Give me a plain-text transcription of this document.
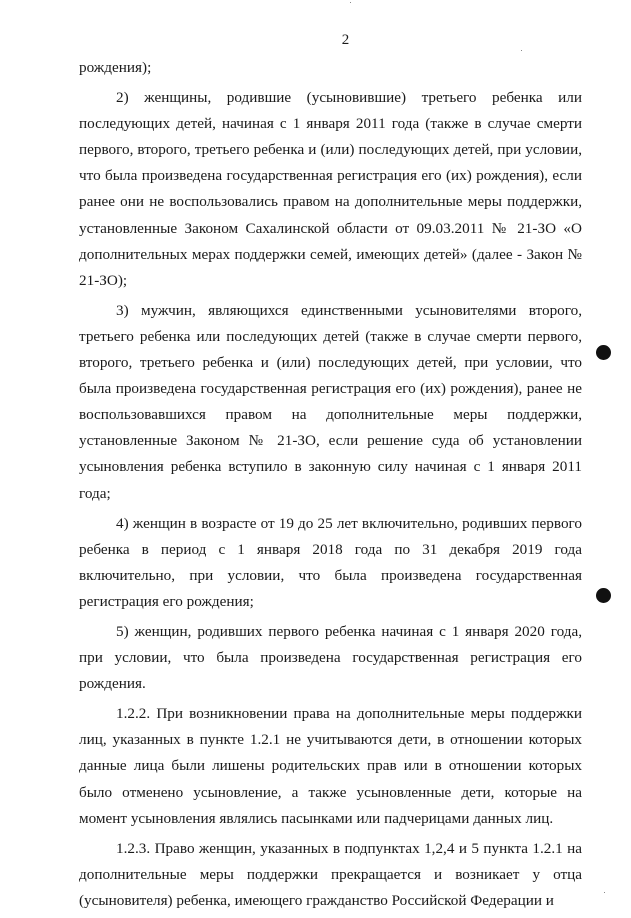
2

рождения);

2) женщины, родившие (усыновившие) третьего ребенка или последующих детей, начиная с 1 января 2011 года (также в случае смерти первого, второго, третьего ребенка и (или) последующих детей, при условии, что была произведена государственная регистрация его (их) рождения), если ранее они не воспользовались правом на дополнительные меры поддержки, установленные Законом Сахалинской области от 09.03.2011 № 21-ЗО «О дополнительных мерах поддержки семей, имеющих детей» (далее - Закон № 21-ЗО);

3) мужчин, являющихся единственными усыновителями второго, третьего ребенка или последующих детей (также в случае смерти первого, второго, третьего ребенка и (или) последующих детей, при условии, что была произведена государственная регистрация его (их) рождения), ранее не воспользовавшихся правом на дополнительные меры поддержки, установленные Законом № 21-ЗО, если решение суда об установлении усыновления ребенка вступило в законную силу начиная с 1 января 2011 года;

4) женщин в возрасте от 19 до 25 лет включительно, родивших первого ребенка в период с 1 января 2018 года по 31 декабря 2019 года включительно, при условии, что была произведена государственная регистрация его рождения;

5) женщин, родивших первого ребенка начиная с 1 января 2020 года, при условии, что была произведена государственная регистрация его рождения.

1.2.2. При возникновении права на дополнительные меры поддержки лиц, указанных в пункте 1.2.1 не учитываются дети, в отношении которых данные лица были лишены родительских прав или в отношении которых было отменено усыновление, а также усыновленные дети, которые на момент усыновления являлись пасынками или падчерицами данных лиц.

1.2.3. Право женщин, указанных в подпунктах 1,2,4 и 5 пункта 1.2.1 на дополнительные меры поддержки прекращается и возникает у отца (усыновителя) ребенка, имеющего гражданство Российской Федерации и
